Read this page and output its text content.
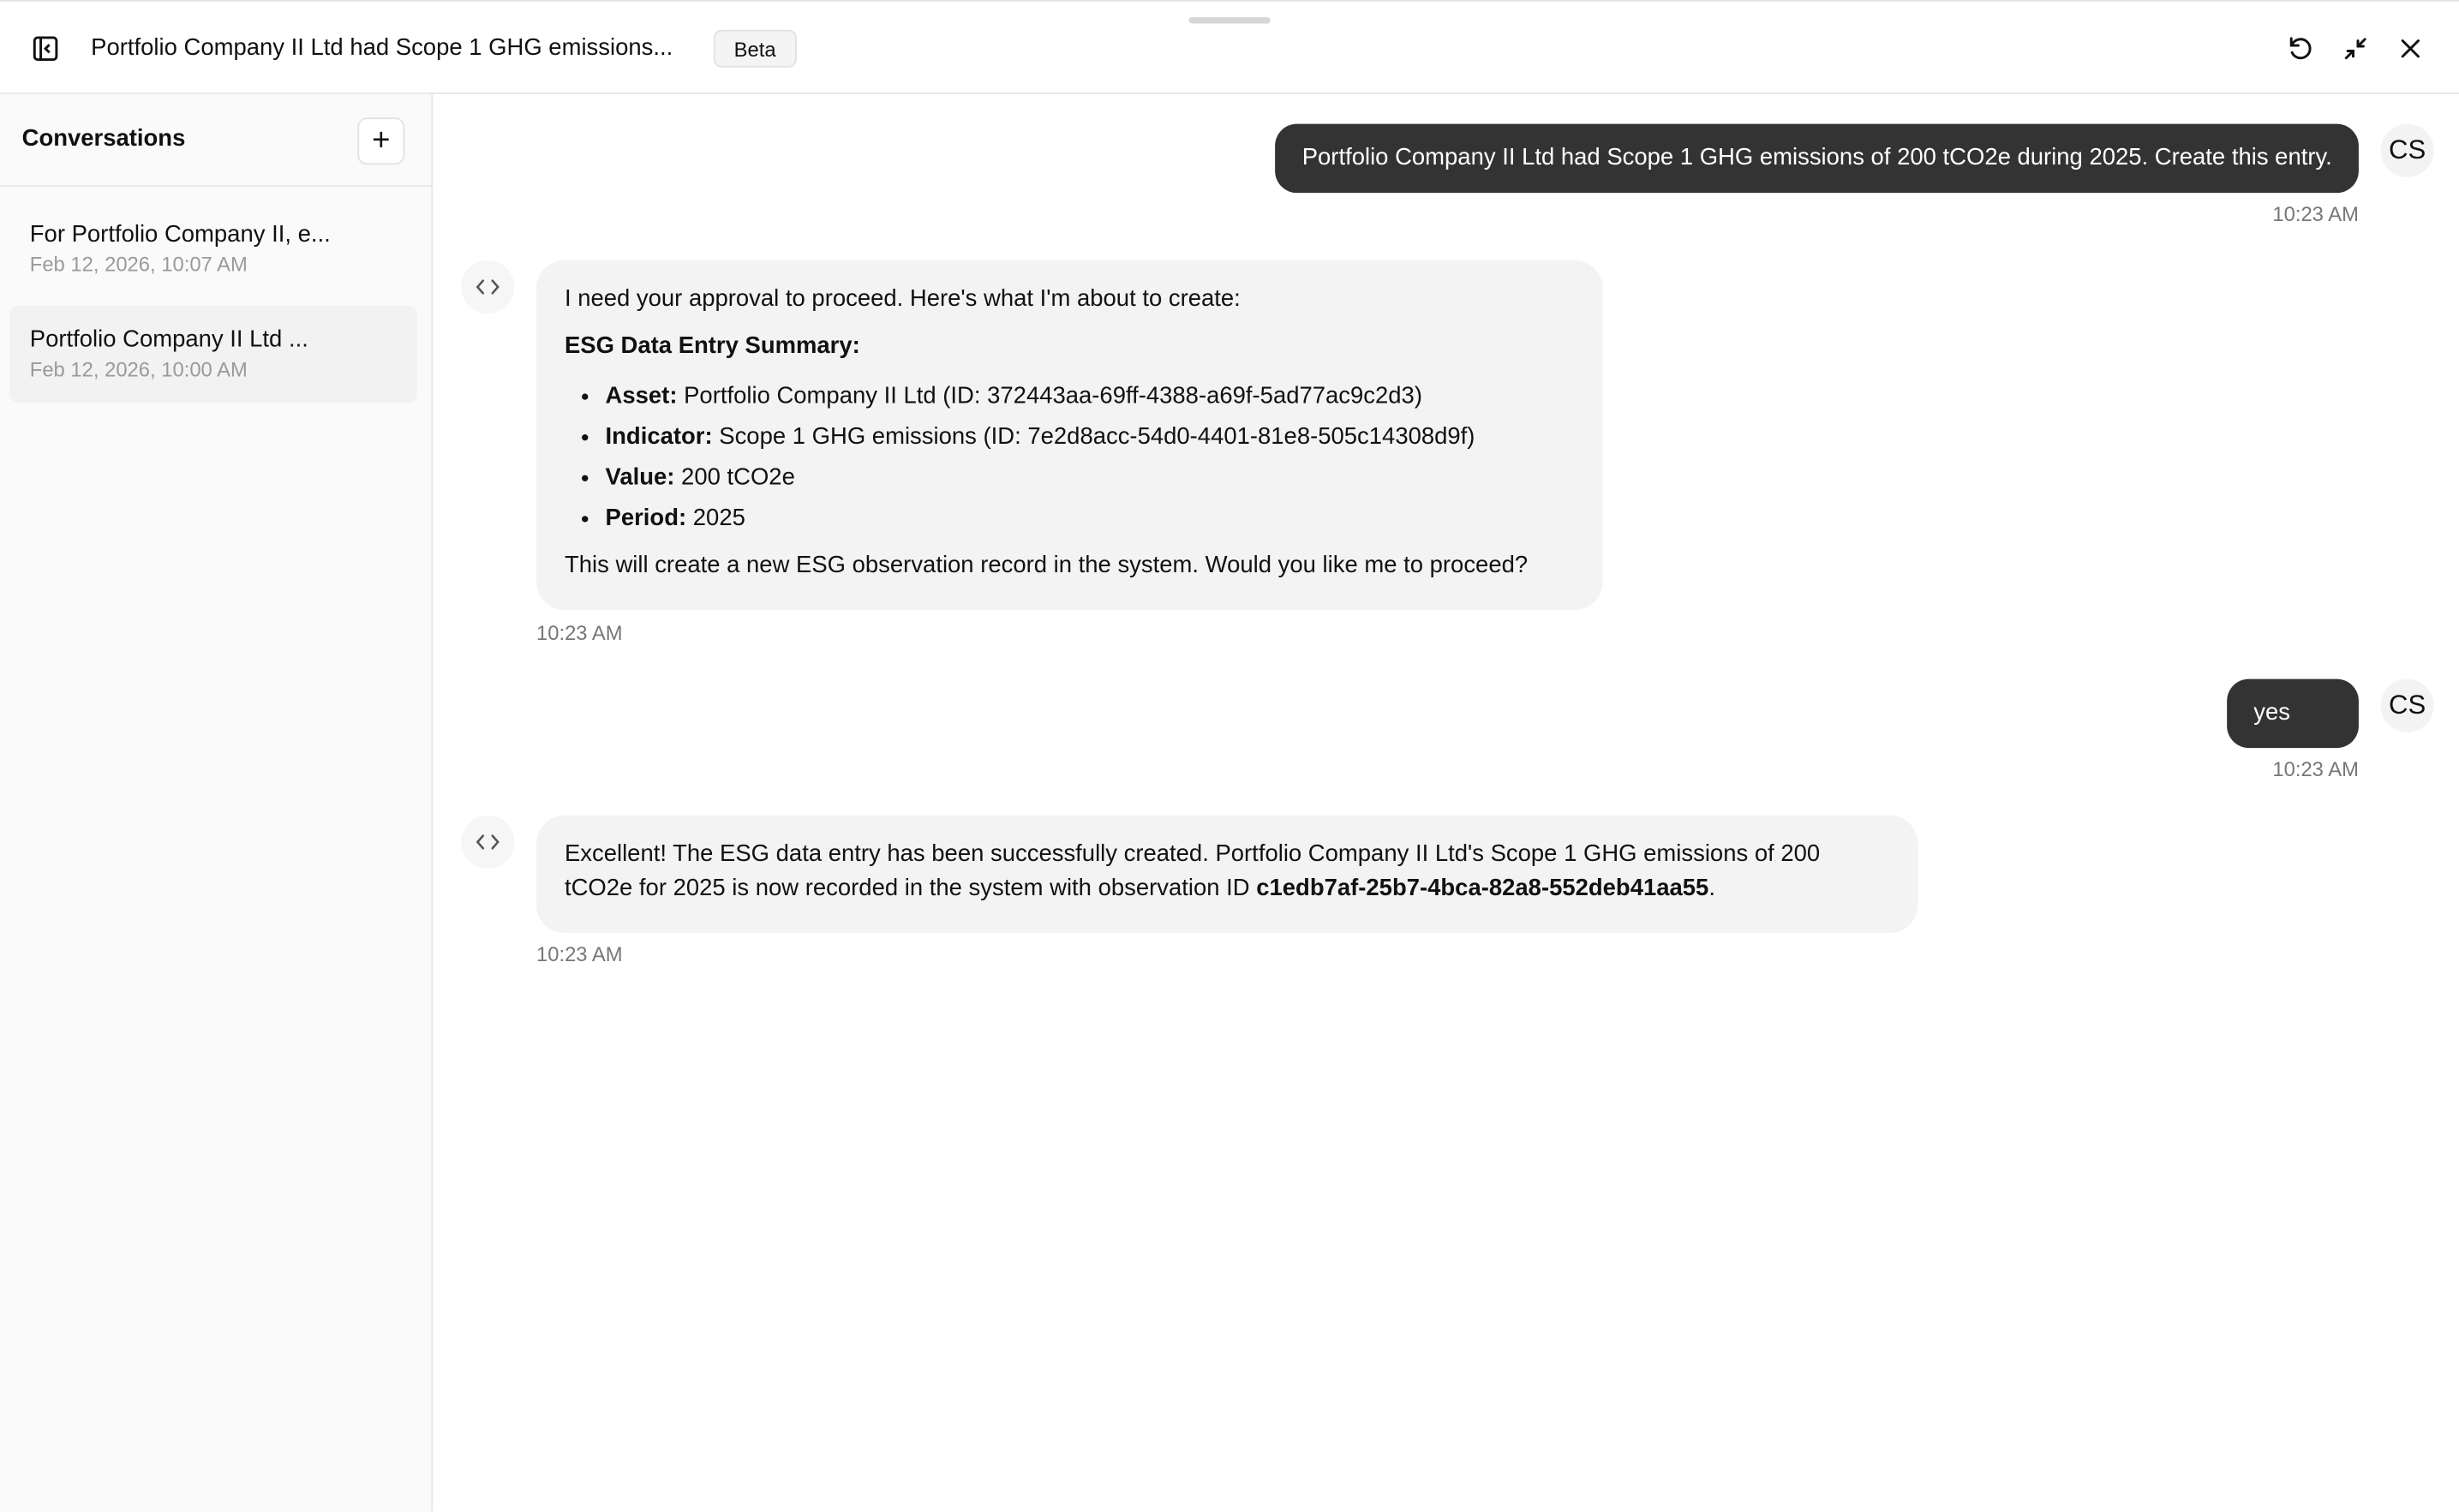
Portfolio Company II Ltd had Scope 1 GHG emissions...	Beta
Conversations	+
For Portfolio Company II, e...
Feb 12, 2026, 10:07 AM
Portfolio Company II Ltd ...
Feb 12, 2026, 10:00 AM
Portfolio Company II Ltd had Scope 1 GHG emissions of 200 tCO2e during 2025. Create this entry.	CS
10:23 AM

I need your approval to proceed. Here's what I'm about to create:

ESG Data Entry Summary:

• Asset: Portfolio Company II Ltd (ID: 372443aa-69ff-4388-a69f-5ad77ac9c2d3)
• Indicator: Scope 1 GHG emissions (ID: 7e2d8acc-54d0-4401-81e8-505c14308d9f)
• Value: 200 tCO2e
• Period: 2025

This will create a new ESG observation record in the system. Would you like me to proceed?

10:23 AM
yes	CS
10:23 AM

Excellent! The ESG data entry has been successfully created. Portfolio Company II Ltd's Scope 1 GHG emissions of 200 tCO2e for 2025 is now recorded in the system with observation ID c1edb7af-25b7-4bca-82a8-552deb41aa55.

10:23 AM
